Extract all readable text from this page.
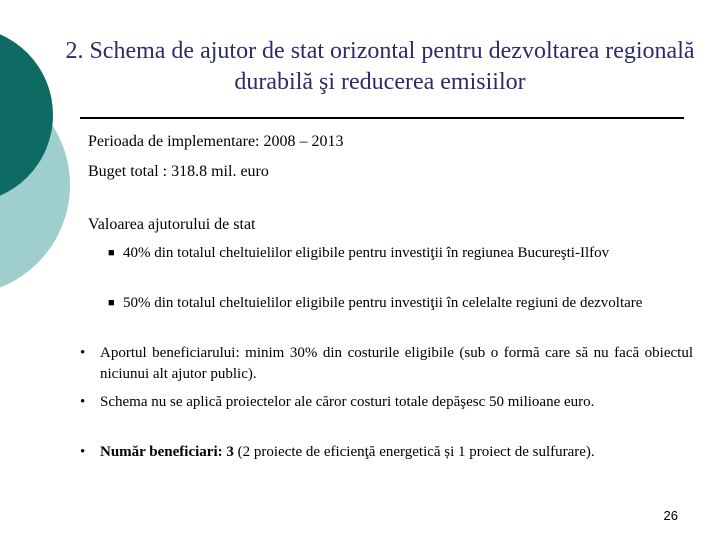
2. Schema de ajutor de stat orizontal pentru dezvoltarea regională durabilă şi reducerea emisiilor
Perioada de implementare: 2008 – 2013
Buget total : 318.8 mil. euro
Valoarea ajutorului de stat
■ 40% din totalul cheltuielilor eligibile pentru investiţii în regiunea Bucureşti-Ilfov
■ 50% din totalul cheltuielilor eligibile pentru investiţii în celelalte regiuni de dezvoltare
• Aportul beneficiarului: minim 30% din costurile eligibile (sub o formă care să nu facă obiectul niciunui alt ajutor public).
• Schema nu se aplică proiectelor ale căror costuri totale depăşesc 50 milioane euro.
• Număr beneficiari: 3 (2 proiecte de eficienţă energetică și 1 proiect de sulfurare).
26
